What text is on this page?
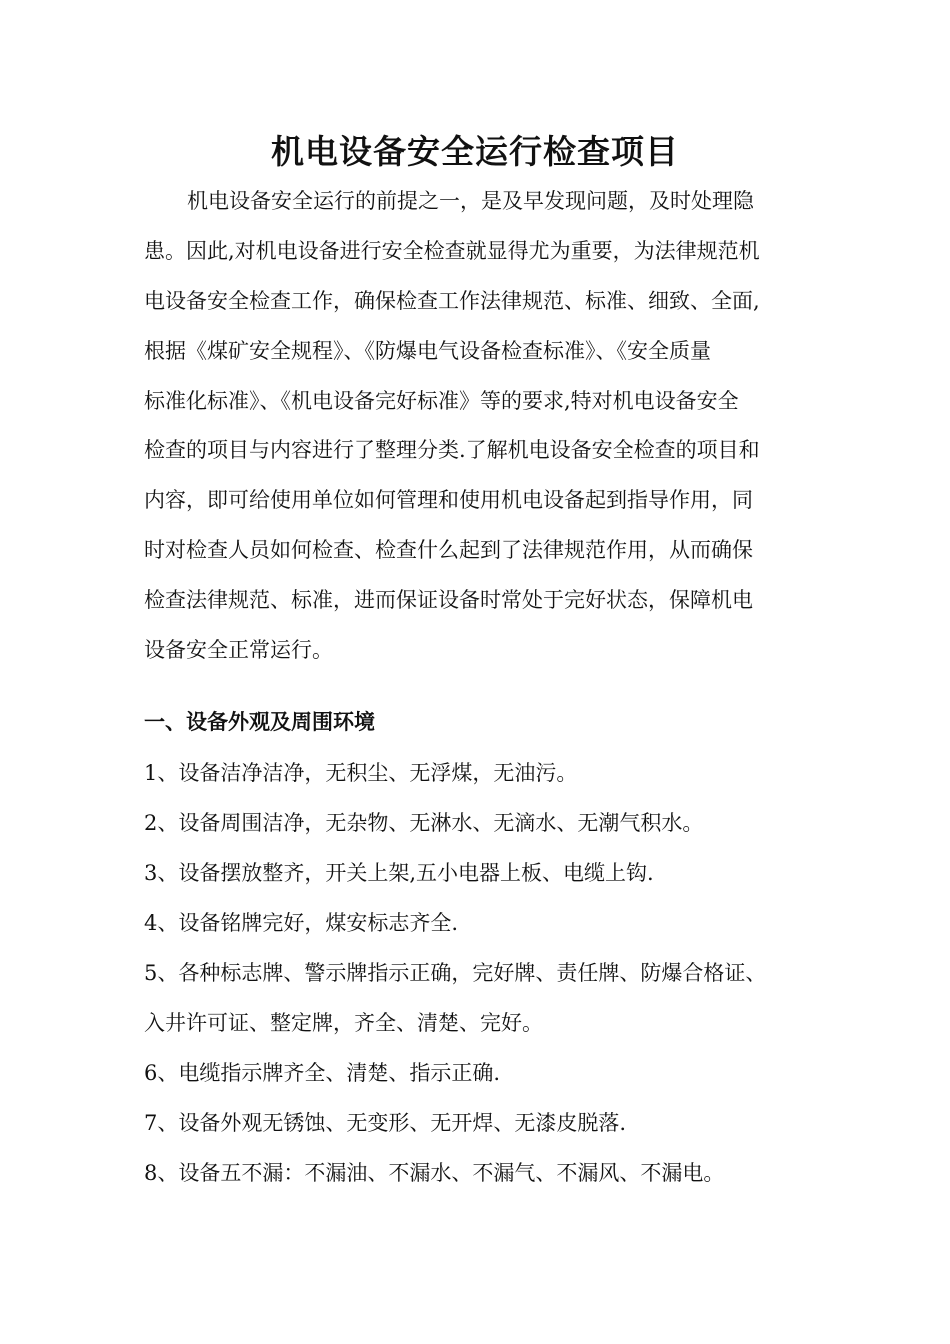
机电设备安全运行检查项目

机电设备安全运行的前提之一，是及早发现问题，及时处理隐

患。因此,对机电设备进行安全检查就显得尤为重要，为法律规范机

电设备安全检查工作，确保检查工作法律规范、标准、细致、全面,

根据《煤矿安全规程》、《防爆电气设备检查标准》、《安全质量

标准化标准》、《机电设备完好标准》等的要求,特对机电设备安全

检查的项目与内容进行了整理分类.了解机电设备安全检查的项目和

内容，即可给使用单位如何管理和使用机电设备起到指导作用，同

时对检查人员如何检查、检查什么起到了法律规范作用，从而确保

检查法律规范、标准，进而保证设备时常处于完好状态，保障机电

设备安全正常运行。

一、设备外观及周围环境

1、设备洁净洁净，无积尘、无浮煤，无油污。

2、设备周围洁净，无杂物、无淋水、无滴水、无潮气积水。

3、设备摆放整齐，开关上架,五小电器上板、电缆上钩.

4、设备铭牌完好，煤安标志齐全.

5、各种标志牌、警示牌指示正确，完好牌、责任牌、防爆合格证、

入井许可证、整定牌，齐全、清楚、完好。

6、电缆指示牌齐全、清楚、指示正确.

7、设备外观无锈蚀、无变形、无开焊、无漆皮脱落.

8、设备五不漏：不漏油、不漏水、不漏气、不漏风、不漏电。
